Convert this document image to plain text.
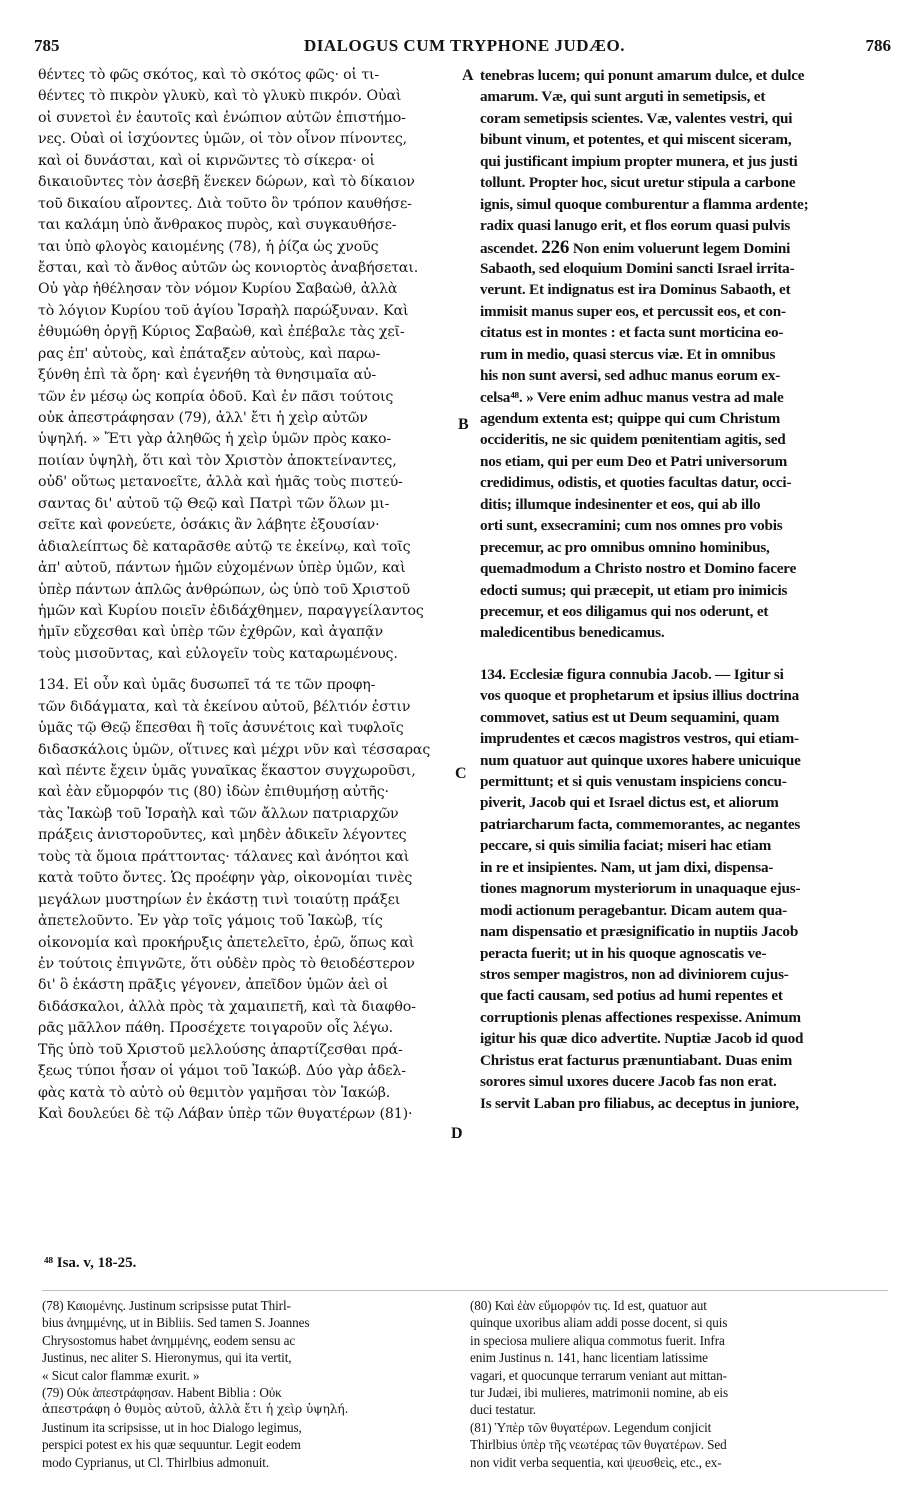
785	DIALOGUS CUM TRYPHONE JUDÆO.	786
θέντες τὸ φῶς σκότος, καὶ τὸ σκότος φῶς· οἱ τι-
θέντες τὸ πικρὸν γλυκὺ, καὶ τὸ γλυκὺ πικρόν. Οὐαὶ
οἱ συνετοὶ ἐν ἑαυτοῖς καὶ ἐνώπιον αὐτῶν ἐπιστήμο-
νες. Οὐαὶ οἱ ἰσχύοντες ὑμῶν, οἱ τὸν οἶνον πίνοντες,
καὶ οἱ δυνάσται, καὶ οἱ κιρνῶντες τὸ σίκερα· οἱ
δικαιοῦντες τὸν ἀσεβῆ ἕνεκεν δώρων, καὶ τὸ δίκαιον
τοῦ δικαίου αἴροντες. Διὰ τοῦτο ὃν τρόπον καυθήσε-
ται καλάμη ὑπὸ ἄνθρακος πυρὸς, καὶ συγκαυθήσε-
ται ὑπὸ φλογὸς καιομένης (78), ἡ ῥίζα ὡς χνοῦς
ἔσται, καὶ τὸ ἄνθος αὐτῶν ὡς κονιορτὸς ἀναβήσεται.
Οὐ γὰρ ἠθέλησαν τὸν νόμον Κυρίου Σαβαὼθ, ἀλλὰ
τὸ λόγιον Κυρίου τοῦ ἁγίου Ἰσραὴλ παρώξυναν. Καὶ
ἐθυμώθη ὀργῇ Κύριος Σαβαὼθ, καὶ ἐπέβαλε τὰς χεῖ-
ρας ἐπ' αὐτοὺς, καὶ ἐπάταξεν αὐτοὺς, καὶ παρω-
ξύνθη ἐπὶ τὰ ὄρη· καὶ ἐγενήθη τὰ θνησιμαῖα αὐ-
τῶν ἐν μέσῳ ὡς κοπρία ὁδοῦ. Καὶ ἐν πᾶσι τούτοις
οὐκ ἀπεστράφησαν (79), ἀλλ' ἔτι ἡ χεὶρ αὐτῶν
ὑψηλή. » Ἔτι γὰρ ἀληθῶς ἡ χεὶρ ὑμῶν πρὸς κακο-
ποιίαν ὑψηλὴ, ὅτι καὶ τὸν Χριστὸν ἀποκτείναντες,
οὐδ' οὕτως μετανοεῖτε, ἀλλὰ καὶ ἡμᾶς τοὺς πιστεύ-
σαντας δι' αὐτοῦ τῷ Θεῷ καὶ Πατρὶ τῶν ὅλων μι-
σεῖτε καὶ φονεύετε, ὁσάκις ἂν λάβητε ἐξουσίαν·
ἀδιαλείπτως δὲ καταρᾶσθε αὐτῷ τε ἐκείνῳ, καὶ τοῖς
ἀπ' αὐτοῦ, πάντων ἡμῶν εὐχομένων ὑπὲρ ὑμῶν, καὶ
ὑπὲρ πάντων ἁπλῶς ἀνθρώπων, ὡς ὑπὸ τοῦ Χριστοῦ
ἡμῶν καὶ Κυρίου ποιεῖν ἐδιδάχθημεν, παραγγείλαντος
ἡμῖν εὔχεσθαι καὶ ὑπὲρ τῶν ἐχθρῶν, καὶ ἀγαπᾷν
τοὺς μισοῦντας, καὶ εὐλογεῖν τοὺς καταρωμένους.
134. Εἰ οὖν καὶ ὑμᾶς δυσωπεῖ τά τε τῶν προφη-
τῶν διδάγματα, καὶ τὰ ἐκείνου αὐτοῦ, βέλτιόν ἐστιν
ὑμᾶς τῷ Θεῷ ἕπεσθαι ἢ τοῖς ἀσυνέτοις καὶ τυφλοῖς
διδασκάλοις ὑμῶν, οἵτινες καὶ μέχρι νῦν καὶ τέσσαρας
καὶ πέντε ἔχειν ὑμᾶς γυναῖκας ἕκαστον συγχωροῦσι,
καὶ ἐὰν εὔμορφόν τις (80) ἰδὼν ἐπιθυμήσῃ αὐτῆς·
τὰς Ἰακὼβ τοῦ Ἰσραὴλ καὶ τῶν ἄλλων πατριαρχῶν
πράξεις ἀνιστοροῦντες, καὶ μηδὲν ἀδικεῖν λέγοντες
τοὺς τὰ ὅμοια πράττοντας· τάλανες καὶ ἀνόητοι καὶ
κατὰ τοῦτο ὄντες. Ὡς προέφην γὰρ, οἰκονομίαι τινὲς
μεγάλων μυστηρίων ἐν ἑκάστῃ τινὶ τοιαύτῃ πράξει
ἀπετελοῦντο. Ἐν γὰρ τοῖς γάμοις τοῦ Ἰακὼβ, τίς
οἰκονομία καὶ προκήρυξις ἀπετελεῖτο, ἐρῶ, ὅπως καὶ
ἐν τούτοις ἐπιγνῶτε, ὅτι οὐδὲν πρὸς τὸ θειοδέστερον
δι' ὃ ἑκάστη πρᾶξις γέγονεν, ἀπεῖδον ὑμῶν ἀεὶ οἱ
διδάσκαλοι, ἀλλὰ πρὸς τὰ χαμαιπετῆ, καὶ τὰ διαφθο-
ρᾶς μᾶλλον πάθη. Προσέχετε τοιγαροῦν οἷς λέγω.
Τῆς ὑπὸ τοῦ Χριστοῦ μελλούσης ἀπαρτίζεσθαι πρά-
ξεως τύποι ἦσαν οἱ γάμοι τοῦ Ἰακώβ. Δύο γὰρ ἀδελ-
φὰς κατὰ τὸ αὐτὸ οὐ θεμιτὸν γαμῆσαι τὸν Ἰακώβ.
Καὶ δουλεύει δὲ τῷ Λάβαν ὑπὲρ τῶν θυγατέρων (81)·
A
B
C
D
tenebras lucem; qui ponunt amarum dulce, et dulce
amarum. Væ, qui sunt arguti in semetipsis, et
coram semetipsis scientes. Væ, valentes vestri, qui
bibunt vinum, et potentes, et qui miscent siceram,
qui justificant impium propter munera, et jus justi
tollunt. Propter hoc, sicut uretur stipula a carbone
ignis, simul quoque comburentur a flamma ardente;
radix quasi lanugo erit, et flos eorum quasi pulvis
ascendet. 226 Non enim voluerunt legem Domini
Sabaoth, sed eloquium Domini sancti Israel irrita-
verunt. Et indignatus est ira Dominus Sabaoth, et
immisit manus super eos, et percussit eos, et con-
citatus est in montes : et facta sunt morticina eo-
rum in medio, quasi stercus viæ. Et in omnibus
his non sunt aversi, sed adhuc manus eorum ex-
celsa⁴⁸. » Vere enim adhuc manus vestra ad male
agendum extenta est; quippe qui cum Christum
occideritis, ne sic quidem pœnitentiam agitis, sed
nos etiam, qui per eum Deo et Patri universorum
credidimus, odistis, et quoties facultas datur, occi-
ditis; illumque indesinenter et eos, qui ab illo
orti sunt, exsecramini; cum nos omnes pro vobis
precemur, ac pro omnibus omnino hominibus,
quemadmodum a Christo nostro et Domino facere
edocti sumus; qui præcepit, ut etiam pro inimicis
precemur, et eos diligamus qui nos oderunt, et
maledicentibus benedicamus.
134. Ecclesiæ figura connubia Jacob. — Igitur si
vos quoque et prophetarum et ipsius illius doctrina
commovet, satius est ut Deum sequamini, quam
imprudentes et cæcos magistros vestros, qui etiam-
num quatuor aut quinque uxores habere unicuique
permittunt; et si quis venustam inspiciens concu-
piverit, Jacob qui et Israel dictus est, et aliorum
patriarcharum facta, commemorantes, ac negantes
peccare, si quis similia faciat; miseri hac etiam
in re et insipientes. Nam, ut jam dixi, dispensa-
tiones magnorum mysteriorum in unaquaque ejus-
modi actionum peragebantur. Dicam autem qua-
nam dispensatio et præsignificatio in nuptiis Jacob
peracta fuerit; ut in his quoque agnoscatis ve-
stros semper magistros, non ad diviniorem cujus-
que facti causam, sed potius ad humi repentes et
corruptionis plenas affectiones respexisse. Animum
igitur his quæ dico advertite. Nuptiæ Jacob id quod
Christus erat facturus prænuntiabant. Duas enim
sorores simul uxores ducere Jacob fas non erat.
Is servit Laban pro filiabus, ac deceptus in juniore,
⁴⁸ Isa. v, 18-25.
(78) Καιομένης. Justinum scripsisse putat Thirl-
bius ἀνημμένης, ut in Bibliis. Sed tamen S. Joannes
Chrysostomus habet ἀνημμένης, eodem sensu ac
Justinus, nec aliter S. Hieronymus, qui ita vertit,
« Sicut calor flammæ exurit. »
(79) Οὐκ ἀπεστράφησαν. Habent Biblia : Οὐκ
ἀπεστράφη ὁ θυμὸς αὐτοῦ, ἀλλὰ ἔτι ἡ χεὶρ ὑψηλή.
Justinum ita scripsisse, ut in hoc Dialogo legimus,
perspici potest ex his quæ sequuntur. Legit eodem
modo Cyprianus, ut Cl. Thirlbius admonuit.
(80) Καὶ ἐὰν εὔμορφόν τις. Id est, quatuor aut
quinque uxoribus aliam addi posse docent, si quis
in speciosa muliere aliqua commotus fuerit. Infra
enim Justinus n. 141, hanc licentiam latissime
vagari, et quocunque terrarum veniant aut mittan-
tur Judæi, ibi mulieres, matrimonii nomine, ab eis
duci testatur.
(81) Ὑπὲρ τῶν θυγατέρων. Legendum conjicit
Thirlbius ὑπὲρ τῆς νεωτέρας τῶν θυγατέρων. Sed
non vidit verba sequentia, καὶ ψευσθεὶς, etc., ex-
